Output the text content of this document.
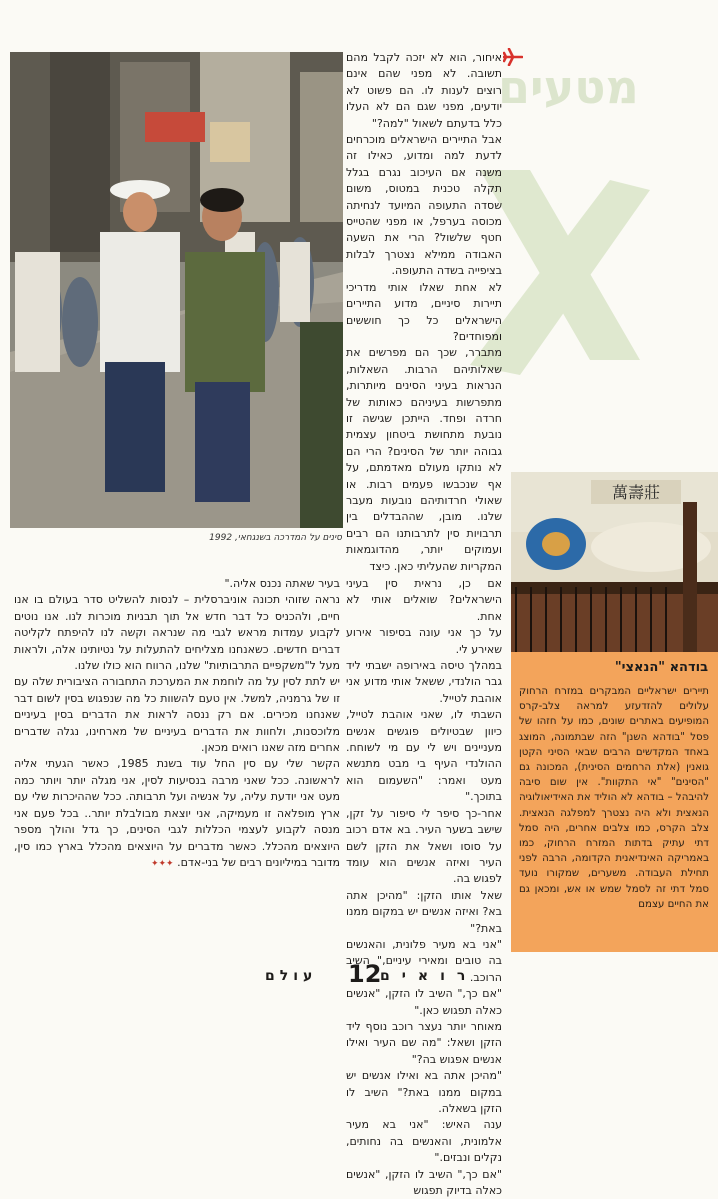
מטעים
סינים על המדרכה בשנגחאי, 1992

איחור, הוא לא יזכה לקבל מהם תשובה. לא מפני שהם אינם רוצים לענות לו. הם פשוט לא יודעים, מפני שגם הם לא העלו כלל בדעתם לשאול "למה?"

אבל התיירים הישראלים מוכרחים לדעת למה ומדוע, כאילו זה משנה אם העיכוב נגרם בגלל תקלה טכנית במטוס, משום שסדה התעופה המיועד לנחיתה מכוסה בערפל, או מפני שהטייס חטף שלשול? הרי את השעה האבודה ממילא נצטרך לבלות בציפייה בשדה התעופה.

לא אחת שאלו אותי מדריכי תיירות סיניים, מדוע התיירים הישראלים כל כך חוששים ומפוחדים?

מתברר, שכך הם מפרשים את שאלותיהם הרבות. השאלות, הנראות בעיני הסינים מיותרות, מתפרשות בעיניהם כאותות של חרדה ופחד. הייתכן שגישה זו נובעת מתחושת ביטחון עצמית גבוהה יותר של הסינים? הרי הם לא נותקו מעולם מאדמתם, על אף שנכבשו פעמים רבות. או שאולי חרדותיהם נובעות מעבר שלנו. מובן, שההבדלים בין תרבויות סין לתרבותנו הם רבים ועמוקים יותר, מהדוגמאות המקריות שהעליתי כאן. כיצד

אם כן, נראית סין בעיני הישראלים? שואלים אותי לא אחת.

על כך אני עונה בסיפור אירוע שאירע לי.

במהלך טיסה באירופה ישבתי ליד גבר הולנדי, ששאל אותי מדוע אני אוהבת לטייל.

השבתי לו, שאני אוהבת לטייל, כיוון שבטיולים פוגשים אנשים מעניינים ויש לי עם מי לשוחח. ההולנדי העיף בי מבט מתנשא מעט ואמר: "השעמום הוא בתוכך."

אחר-כך סיפר לי סיפור על זקן, שישב בשער העיר. בא אדם רכוב על סוסו ושאל את הזקן לשם העיר ואיזה אנשים הוא עומד לפגוש בה.

שאל אותו הזקן: "מהיכן אתה בא? ואיזה אנשים יש במקום ממנו באת?"

"אני בא מעיר פלונית, והאנשים בה טובים ומאירי עיניים," השיב הרוכב.

"אם כך," השיב לו הזקן, "אנשים כאלה תפגוש כאן."

מאוחר יותר נעצר רוכב נוסף ליד הזקן ושאל: "מה שם העיר ואילו אנשים אפגוש בה?"

"מהיכן אתה בא ואילו אנשים יש במקום ממנו באת?" השיב לו הזקן בשאלה.

ענה האיש: "אני בא מעיר אלמונית, והאנשים בה נחותים, נקלים ונבזים."

"אם כך," השיב לו הזקן, "אנשים כאלה בדיוק תפגוש

בעיר שאתה נכנס אליה."

נראה שזוהי תכונה אוניברסלית – לנסות להשליט סדר בעולם בו אנו חיים, ולהכניס כל דבר חדש אל תוך תבניות מוכרות לנו. אנו נוטים לקבוע עמדות מראש לגבי מה שנראה וקשה לנו להיפתח לקליטה דברים חדשים. כשאנחנו מצליחים להתעלות על נטיותינו אלה, ולראות מעל ל"משקפיים התרבותיות" שלנו, הרווח הוא כולו שלנו.

יש לתת לסין על מה לוחמת את המערכת התחבורה הציבורית שלה עם זו של גרמניה, למשל. אין טעם להשוות כל מה שנפגוש בסין לשום דבר שאנחנו מכירים. אם רק ננסה לראות את הדברים בסין בעיניים מלוכסנות, ולחוות את הדברים בעיניים של מארחינו, נגלה שדברים אחרים מזה שאנו רואים מכאן.

הקשר שלי עם סין החל עוד בשנת 1985, כאשר הגעתי אליה לראשונה. ככל שאני מרבה בנסיעות לסין, אני מגלה יותר ויותר כמה מעט אני יודעת עליה, על אנשיה ועל תרבותה. ככל שההיכרות שלי עם ארץ מופלאה זו מעמיקה, אני יוצאת מבולבלת יותר.. בכל פעם אני מנסה לקבוע לעצמי הכללות לגבי הסינים, כך גדל והולך מספר היוצאים מהכלל. כאשר מדברים על היוצאים מהכלל בארץ כמו סין, מדובר במיליונים רבים של בני-אדם. ✦✦✦

萬壽莊
בודהא "הנאצי"
תיירים ישראליים המבקרים במזרח הרחוק עלולים להזדעזע למראה צלב-קרס המופיעים באתרים שונים, כמו על חזהו של פסל "בודהא השנן" הזה שבתמונה, המוצג באחד המקדשים הרבים שבאי הסיני הקטן גואנין (אלת הרחמים הסינית), המכונה גם "הסינים" "אי התקוות". אין שום סיבה להיבהל – בודהא לא הוליד את האידיאולוגיה הנאצית ולא היה נצטרך למפלגה הנאצית. צלב הקרס, כמו צלבים אחרים, היה סמל דתי עתיק בדתות המזרח הרחוק, כמו באמריקה האינדיאנית הקדומה, הרבה לפני תחילת העבודה. משערים, שמקורו נועד סמל דתי זה לסמל שמש או אש, ומכאן גם את החיים עצמם
עולם 12
רואים
